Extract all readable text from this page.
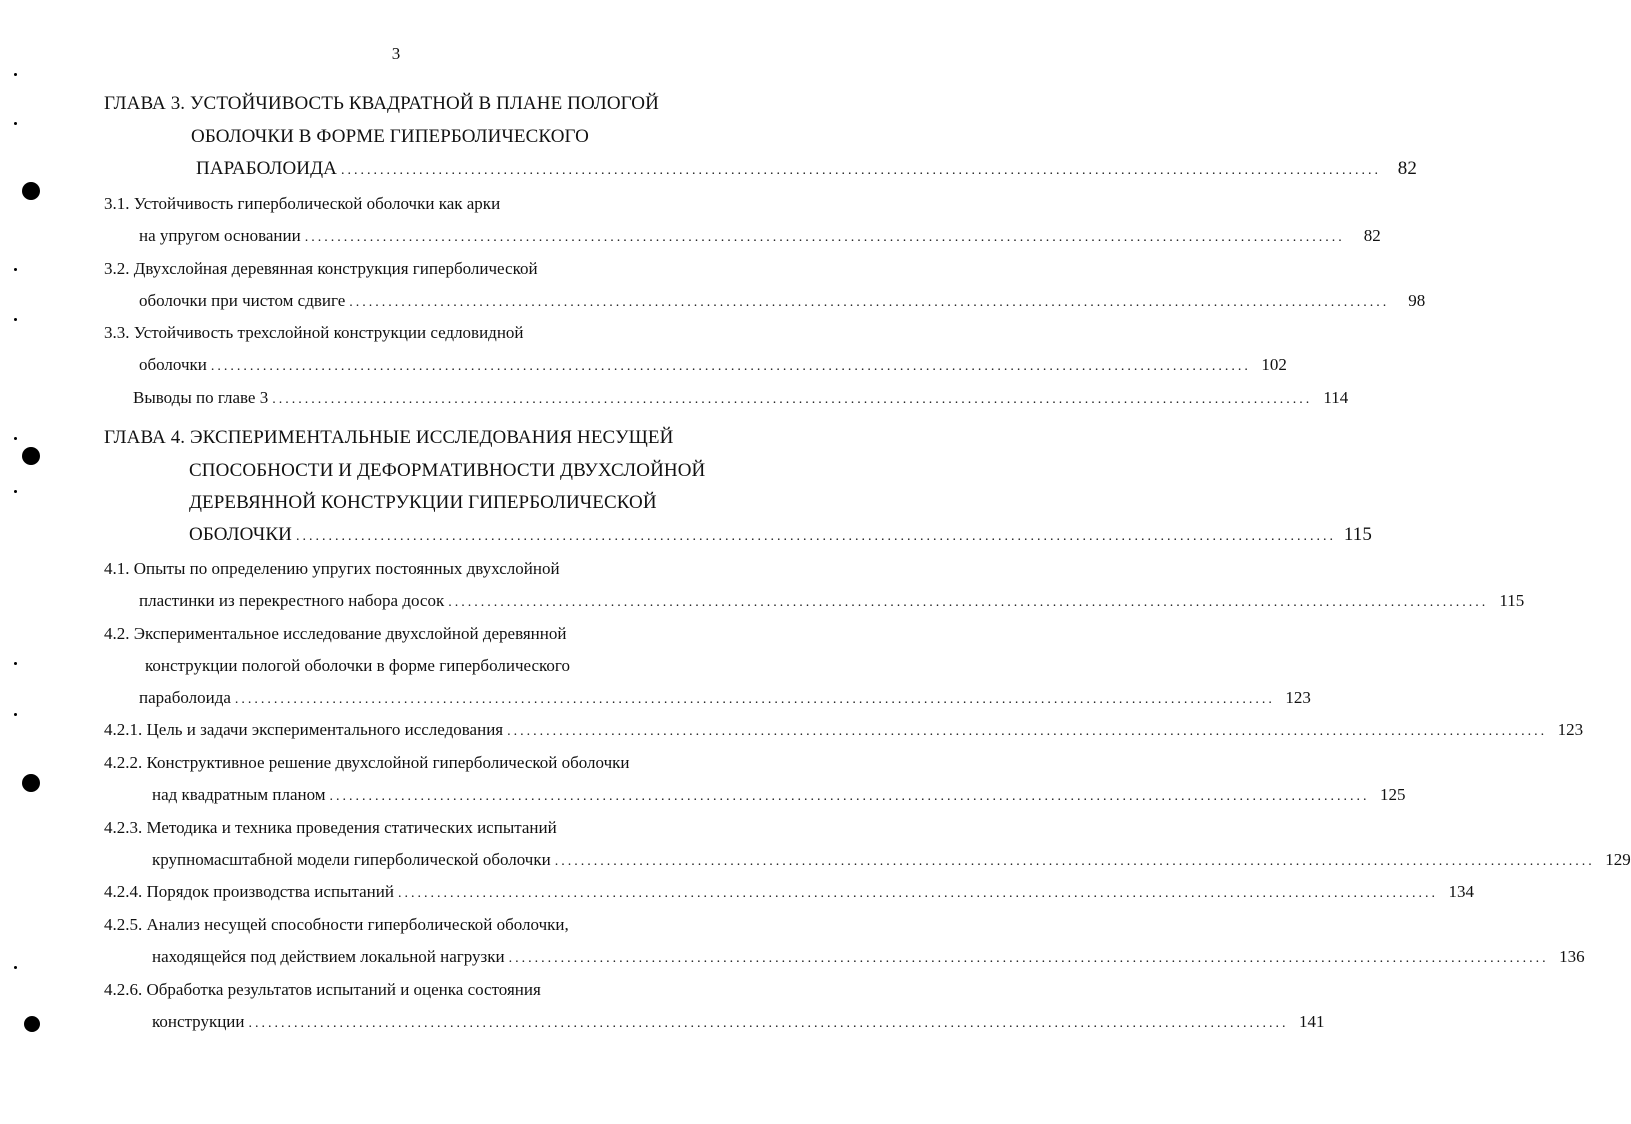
3
ГЛАВА 3. УСТОЙЧИВОСТЬ КВАДРАТНОЙ В ПЛАНЕ ПОЛОГОЙ
ОБОЛОЧКИ В ФОРМЕ ГИПЕРБОЛИЧЕСКОГО
ПАРАБОЛОИДА ................................................................................................................................................................ 82
3.1. Устойчивость гиперболической оболочки как арки
на упругом основании ................................................................................................................................................................	82
3.2. Двухслойная деревянная конструкция гиперболической
оболочки при чистом сдвиге ................................................................................................................................................................	98
3.3. Устойчивость трехслойной конструкции седловидной
оболочки ................................................................................................................................................................ 102
Выводы по главе 3 ................................................................................................................................................................ 114
ГЛАВА 4. ЭКСПЕРИМЕНТАЛЬНЫЕ ИССЛЕДОВАНИЯ НЕСУЩЕЙ
СПОСОБНОСТИ И ДЕФОРМАТИВНОСТИ ДВУХСЛОЙНОЙ
ДЕРЕВЯННОЙ КОНСТРУКЦИИ ГИПЕРБОЛИЧЕСКОЙ
ОБОЛОЧКИ ................................................................................................................................................................ 115
4.1. Опыты по определению упругих постоянных двухслойной
пластинки из перекрестного набора досок ................................................................................................................................................................ 115
4.2. Экспериментальное исследование двухслойной деревянной
конструкции пологой оболочки в форме гиперболического
параболоида ................................................................................................................................................................ 123
4.2.1. Цель и задачи экспериментального исследования ................................................................................................................................................................ 123
4.2.2. Конструктивное решение двухслойной гиперболической оболочки
над квадратным планом ................................................................................................................................................................ 125
4.2.3. Методика и техника проведения статических испытаний
крупномасштабной модели гиперболической оболочки ................................................................................................................................................................ 129
4.2.4. Порядок производства испытаний ................................................................................................................................................................ 134
4.2.5. Анализ несущей способности гиперболической оболочки,
находящейся под действием локальной нагрузки ................................................................................................................................................................ 136
4.2.6. Обработка результатов испытаний и оценка состояния
конструкции ................................................................................................................................................................ 141
